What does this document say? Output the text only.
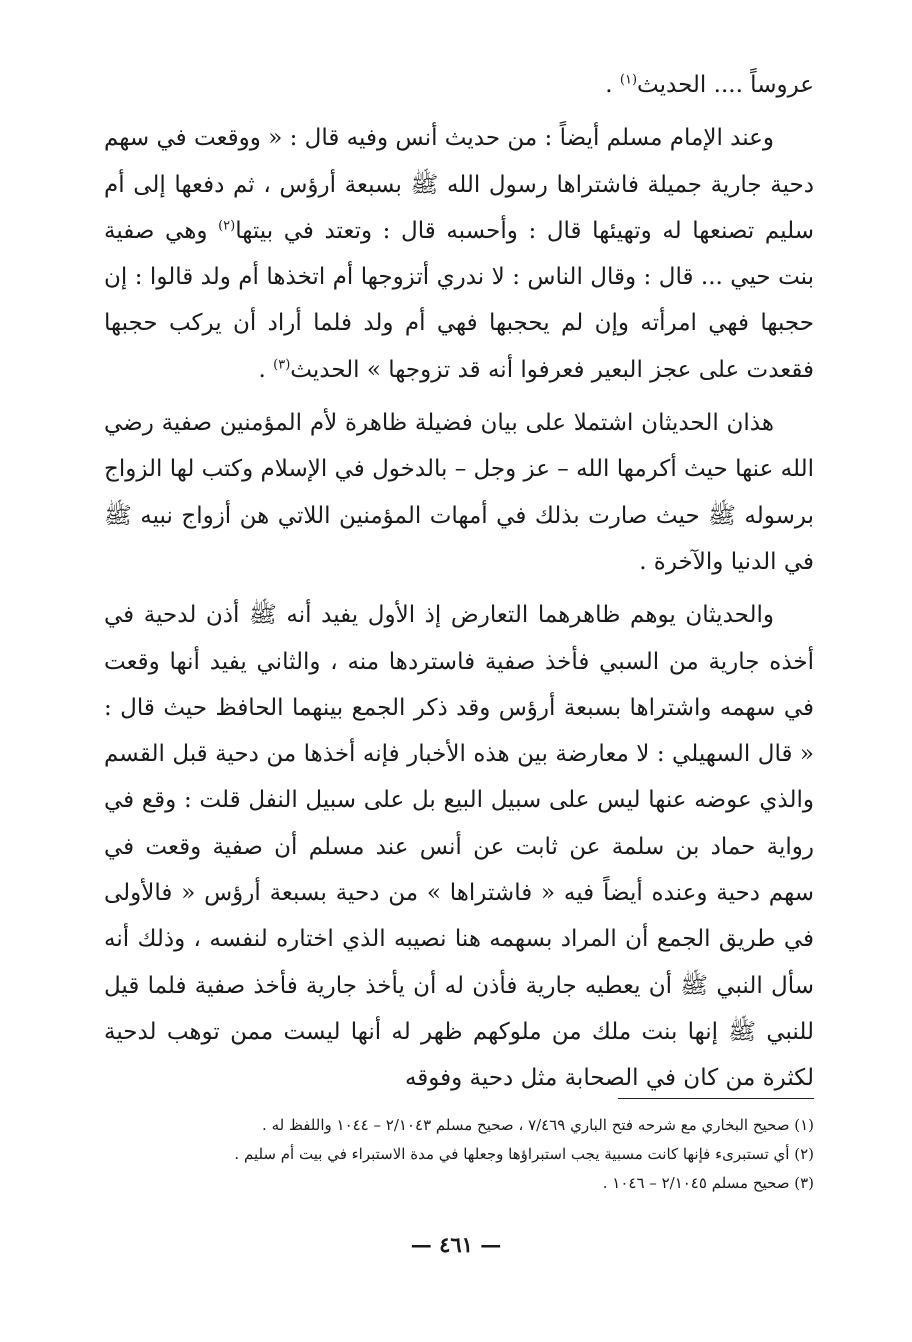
عروساً .... الحديث$^{(١)}$ .

وعند الإمام مسلم أيضاً : من حديث أنس وفيه قال : « ووقعت في سهم دحية جارية جميلة فاشتراها رسول الله ﷺ بسبعة أرؤس ، ثم دفعها إلى أم سليم تصنعها له وتهيئها قال : وأحسبه قال : وتعتد في بيتها$^{(٢)}$ وهي صفية بنت حيي ... قال : وقال الناس : لا ندري أتزوجها أم اتخذها أم ولد قالوا : إن حجبها فهي امرأته وإن لم يحجبها فهي أم ولد فلما أراد أن يركب حجبها فقعدت على عجز البعير فعرفوا أنه قد تزوجها » الحديث$^{(٣)}$ .

هذان الحديثان اشتملا على بيان فضيلة ظاهرة لأم المؤمنين صفية رضي الله عنها حيث أكرمها الله – عز وجل – بالدخول في الإسلام وكتب لها الزواج برسوله ﷺ حيث صارت بذلك في أمهات المؤمنين اللاتي هن أزواج نبيه ﷺ في الدنيا والآخرة .

والحديثان يوهم ظاهرهما التعارض إذ الأول يفيد أنه ﷺ أذن لدحية في أخذه جارية من السبي فأخذ صفية فاستردها منه ، والثاني يفيد أنها وقعت في سهمه واشتراها بسبعة أرؤس وقد ذكر الجمع بينهما الحافظ حيث قال : « قال السهيلي : لا معارضة بين هذه الأخبار فإنه أخذها من دحية قبل القسم والذي عوضه عنها ليس على سبيل البيع بل على سبيل النفل قلت : وقع في رواية حماد بن سلمة عن ثابت عن أنس عند مسلم أن صفية وقعت في سهم دحية وعنده أيضاً فيه « فاشتراها » من دحية بسبعة أرؤس « فالأولى في طريق الجمع أن المراد بسهمه هنا نصيبه الذي اختاره لنفسه ، وذلك أنه سأل النبي ﷺ أن يعطيه جارية فأذن له أن يأخذ جارية فأخذ صفية فلما قيل للنبي ﷺ إنها بنت ملك من ملوكهم ظهر له أنها ليست ممن توهب لدحية لكثرة من كان في الصحابة مثل دحية وفوقه

(١) صحيح البخاري مع شرحه فتح الباري ٧/٤٦٩ ، صحيح مسلم ٢/١٠٤٣ – ١٠٤٤ واللفظ له .
(٢) أي تستبرىء فإنها كانت مسبية يجب استبراؤها وجعلها في مدة الاستبراء في بيت أم سليم .
(٣) صحيح مسلم ٢/١٠٤٥ – ١٠٤٦ .
— ٤٦١ —
